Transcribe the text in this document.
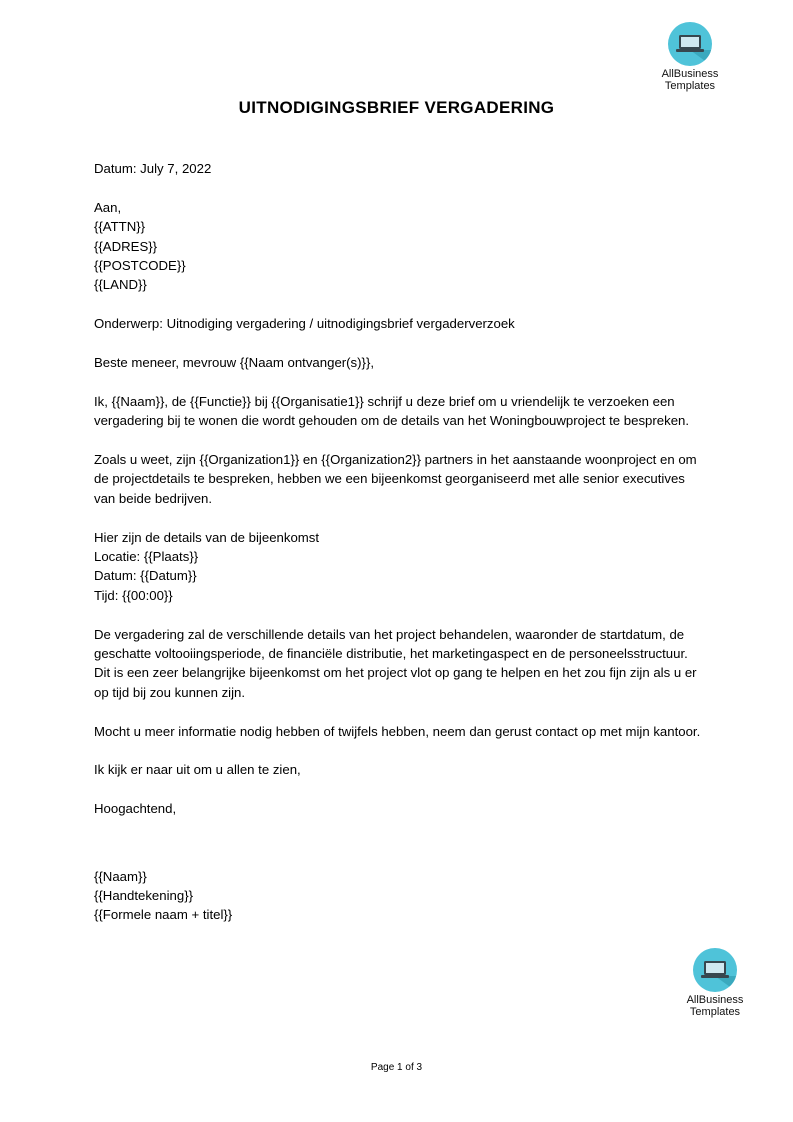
AllBusiness
Templates
UITNODIGINGSBRIEF VERGADERING

Datum: July 7, 2022

Aan,
{{ATTN}}
{{ADRES}}
{{POSTCODE}}
{{LAND}}

Onderwerp: Uitnodiging vergadering / uitnodigingsbrief vergaderverzoek

Beste meneer, mevrouw {{Naam ontvanger(s)}},

Ik, {{Naam}}, de {{Functie}} bij {{Organisatie1}} schrijf u deze brief om u vriendelijk te verzoeken een vergadering bij te wonen die wordt gehouden om de details van het Woningbouwproject te bespreken.

Zoals u weet, zijn {{Organization1}} en {{Organization2}} partners in het aanstaande woonproject en om de projectdetails te bespreken, hebben we een bijeenkomst georganiseerd met alle senior executives van beide bedrijven.

Hier zijn de details van de bijeenkomst
Locatie: {{Plaats}}
Datum: {{Datum}}
Tijd: {{00:00}}

De vergadering zal de verschillende details van het project behandelen, waaronder de startdatum, de geschatte voltooiingsperiode, de financiële distributie, het marketingaspect en de personeelsstructuur. Dit is een zeer belangrijke bijeenkomst om het project vlot op gang te helpen en het zou fijn zijn als u er op tijd bij zou kunnen zijn.

Mocht u meer informatie nodig hebben of twijfels hebben, neem dan gerust contact op met mijn kantoor.

Ik kijk er naar uit om u allen te zien,

Hoogachtend,

{{Naam}}
{{Handtekening}}
{{Formele naam + titel}}

AllBusiness
Templates
Page 1 of 3
